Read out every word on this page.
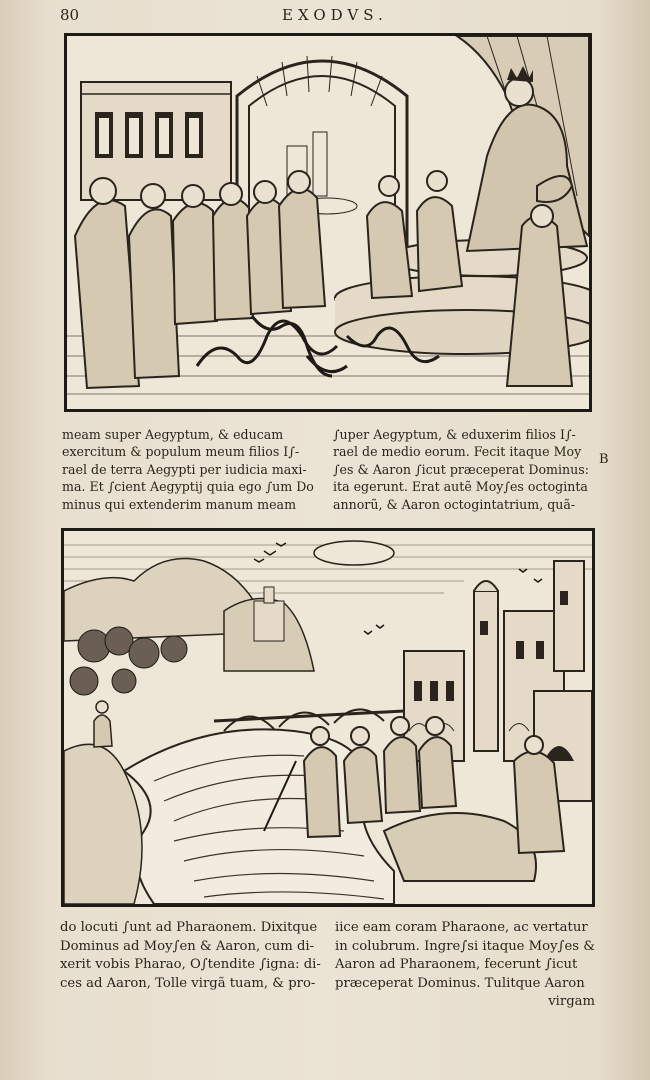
80	EXODVS.
meam super Aegyptum, & educam
exercitum & populum meum filios I∫-
rael de terra Aegypti per iudicia maxi-
ma. Et ∫cient Aegyptij quia ego ∫um Do
minus qui extenderim manum meam
∫uper Aegyptum, & eduxerim filios I∫-
rael de medio eorum. Fecit itaque Moy
∫es & Aaron ∫icut præceperat Dominus:
ita egerunt. Erat autẽ Moy∫es octoginta
annorũ, & Aaron octogintatrium, quã-
B
do locuti ∫unt ad Pharaonem. Dixitque
Dominus ad Moy∫en & Aaron, cum di-
xerit vobis Pharao, O∫tendite ∫igna: di-
ces ad Aaron, Tolle virgã tuam, & pro-
iice eam coram Pharaone, ac vertatur
in colubrum. Ingre∫si itaque Moy∫es &
Aaron ad Pharaonem, fecerunt ∫icut
præceperat Dominus. Tulitque Aaron
virgam
